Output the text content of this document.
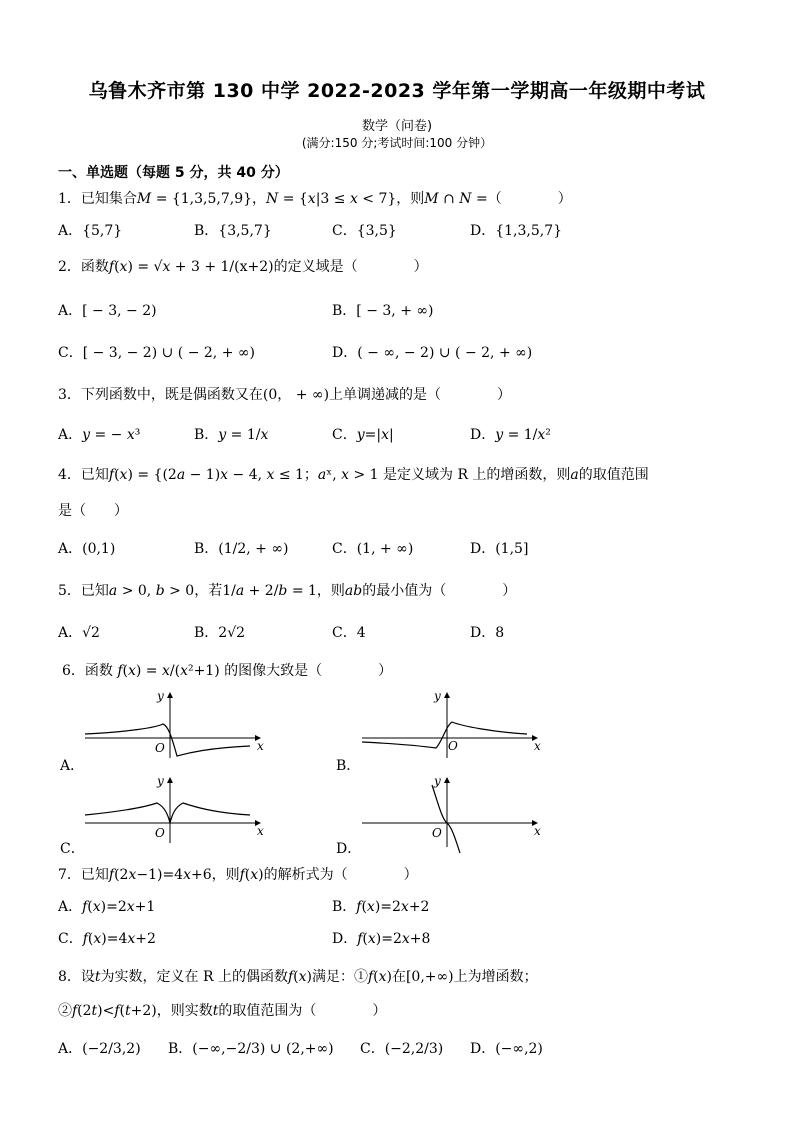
乌鲁木齐市第 130 中学 2022-2023 学年第一学期高一年级期中考试
数学（问卷)
(满分:150 分;考试时间:100 分钟）
一、单选题（每题 5 分，共 40 分）
1．已知集合𝑀 = {1,3,5,7,9}，𝑁 = {𝑥|3 ≤ 𝑥 < 7}，则𝑀 ∩ 𝑁 =（　　　　）
A．{5,7}	B．{3,5,7}	C．{3,5}	D．{1,3,5,7}
2．函数𝑓(𝑥) = √𝑥 + 3 + 1/(x+2)的定义域是（　　　　）
A．[ − 3, − 2)	B．[ − 3, + ∞)
C．[ − 3, − 2) ∪ ( − 2, + ∞)	D．( − ∞, − 2) ∪ ( − 2, + ∞)
3．下列函数中，既是偶函数又在(0， + ∞)上单调递减的是（　　　　）
A．𝑦 = − 𝑥³	B．𝑦 = 1/𝑥	C．𝑦=|𝑥|	D．𝑦 = 1/𝑥²
4．已知𝑓(𝑥) = {(2𝑎 − 1)𝑥 − 4, 𝑥 ≤ 1；𝑎ˣ, 𝑥 > 1 是定义域为 R 上的增函数，则𝑎的取值范围
是（　　）
A．(0,1)	B．(1/2, + ∞)	C．(1, + ∞)	D．(1,5]
5．已知𝑎 > 0, 𝑏 > 0，若1/𝑎 + 2/𝑏 = 1，则𝑎𝑏的最小值为（　　　　）
A．√2	B．2√2	C．4	D．8
6．函数 𝑓(𝑥) = 𝑥/(𝑥²+1) 的图像大致是（　　　　）
y
x
O
A．
y
x
O
B．
y
x
O
C．
y
x
O
D．
7．已知𝑓(2𝑥−1)=4𝑥+6，则𝑓(𝑥)的解析式为（　　　　）
A．𝑓(𝑥)=2𝑥+1	B．𝑓(𝑥)=2𝑥+2
C．𝑓(𝑥)=4𝑥+2	D．𝑓(𝑥)=2𝑥+8
8．设𝑡为实数，定义在 R 上的偶函数𝑓(𝑥)满足：①𝑓(𝑥)在[0,+∞)上为增函数；
②𝑓(2𝑡)<𝑓(𝑡+2)，则实数𝑡的取值范围为（　　　　）
A．(−2/3,2) B．(−∞,−2/3) ∪ (2,+∞) C．(−2,2/3) D．(−∞,2)
